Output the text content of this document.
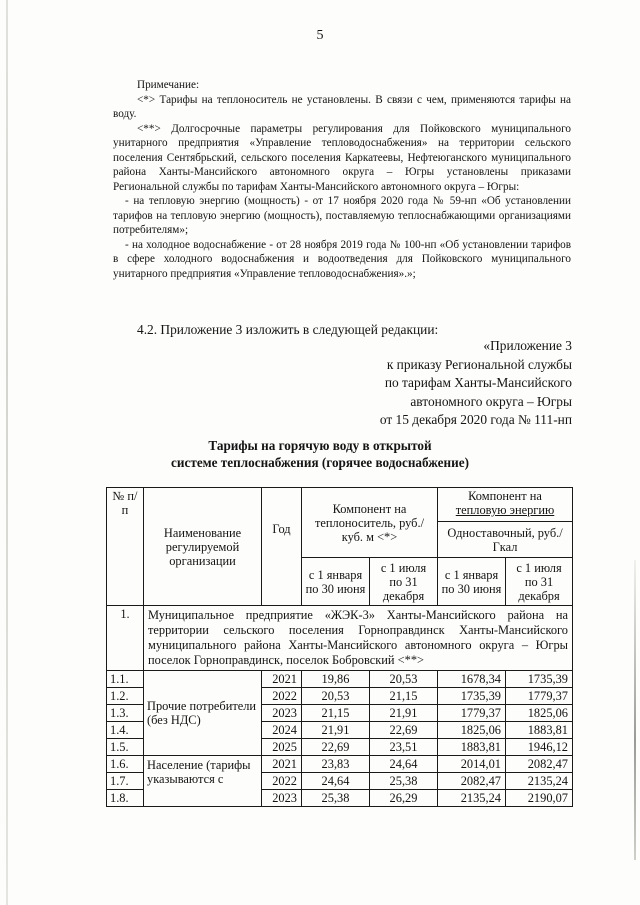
5

Примечание:

<*> Тарифы на теплоноситель не установлены. В связи с чем, применяются тарифы на воду.

<**> Долгосрочные параметры регулирования для Пойковского муниципального унитарного предприятия «Управление тепловодоснабжения» на территории сельского поселения Сентябрьский, сельского поселения Каркатеевы, Нефтеюганского муниципального района Ханты-Мансийского автономного округа – Югры установлены приказами Региональной службы по тарифам Ханты-Мансийского автономного округа – Югры:

- на тепловую энергию (мощность) - от 17 ноября 2020 года № 59-нп «Об установлении тарифов на тепловую энергию (мощность), поставляемую теплоснабжающими организациями потребителям»;

- на холодное водоснабжение - от 28 ноября 2019 года № 100-нп «Об установлении тарифов в сфере холодного водоснабжения и водоотведения для Пойковского муниципального унитарного предприятия «Управление тепловодоснабжения».»;

4.2. Приложение 3 изложить в следующей редакции:
«Приложение 3
к приказу Региональной службы
по тарифам Ханты-Мансийского
автономного округа – Югры
от 15 декабря 2020 года № 111-нп
Тарифы на горячую воду в открытой
системе теплоснабжения (горячее водоснабжение)
№ п/п	Наименование регулируемой организации	Год	Компонент на теплоноситель, руб./куб. м <*>		Компонент на
тепловую энергию	

					Одноставочный, руб./Гкал	
			с 1 января по 30 июня	с 1 июля по 31 декабря	с 1 января по 30 июня	с 1 июля по 31 декабря
1.	Муниципальное предприятие «ЖЭК-3» Ханты-Мансийского района на территории сельского поселения Горноправдинск Ханты-Мансийского муниципального района Ханты-Мансийского автономного округа – Югры поселок Горноправдинск, поселок Бобровский <**>					
1.1.	Прочие потребители (без НДС)	2021	19,86	20,53	1678,34	1735,39
1.2.		2022	20,53	21,15	1735,39	1779,37
1.3.		2023	21,15	21,91	1779,37	1825,06
1.4.		2024	21,91	22,69	1825,06	1883,81
1.5.		2025	22,69	23,51	1883,81	1946,12
1.6.	Население (тарифы указываются с	2021	23,83	24,64	2014,01	2082,47
1.7.		2022	24,64	25,38	2082,47	2135,24
1.8.		2023	25,38	26,29	2135,24	2190,07
